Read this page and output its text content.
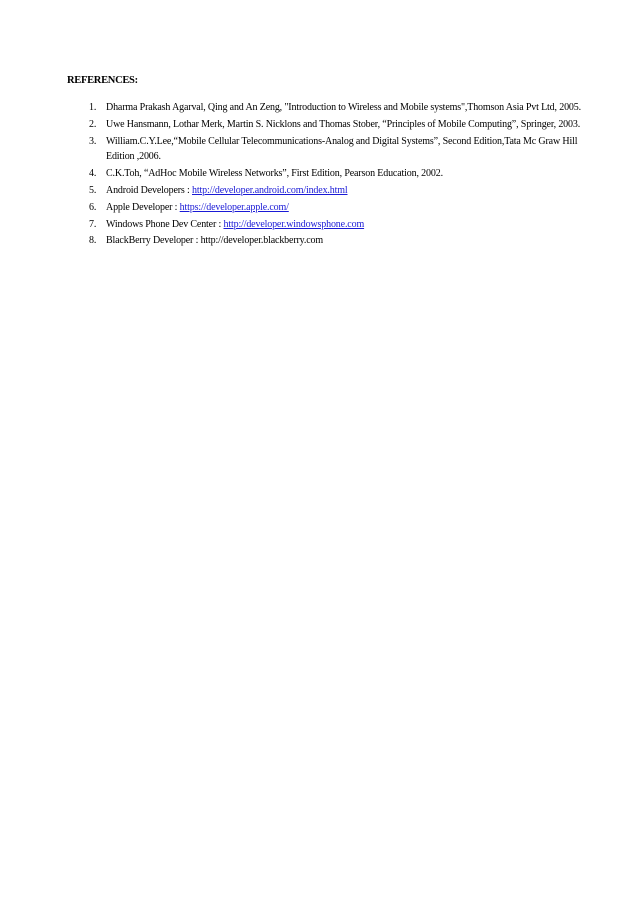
REFERENCES:
1. Dharma Prakash Agarval, Qing and An Zeng, "Introduction to Wireless and Mobile systems",Thomson Asia Pvt Ltd, 2005.
2. Uwe Hansmann, Lothar Merk, Martin S. Nicklons and Thomas Stober, “Principles of Mobile Computing”, Springer, 2003.
3. William.C.Y.Lee,“Mobile Cellular Telecommunications-Analog and Digital Systems”, Second Edition,Tata Mc Graw Hill Edition ,2006.
4. C.K.Toh, “AdHoc Mobile Wireless Networks”, First Edition, Pearson Education, 2002.
5. Android Developers : http://developer.android.com/index.html
6. Apple Developer : https://developer.apple.com/
7. Windows Phone Dev Center : http://developer.windowsphone.com
8. BlackBerry Developer : http://developer.blackberry.com
